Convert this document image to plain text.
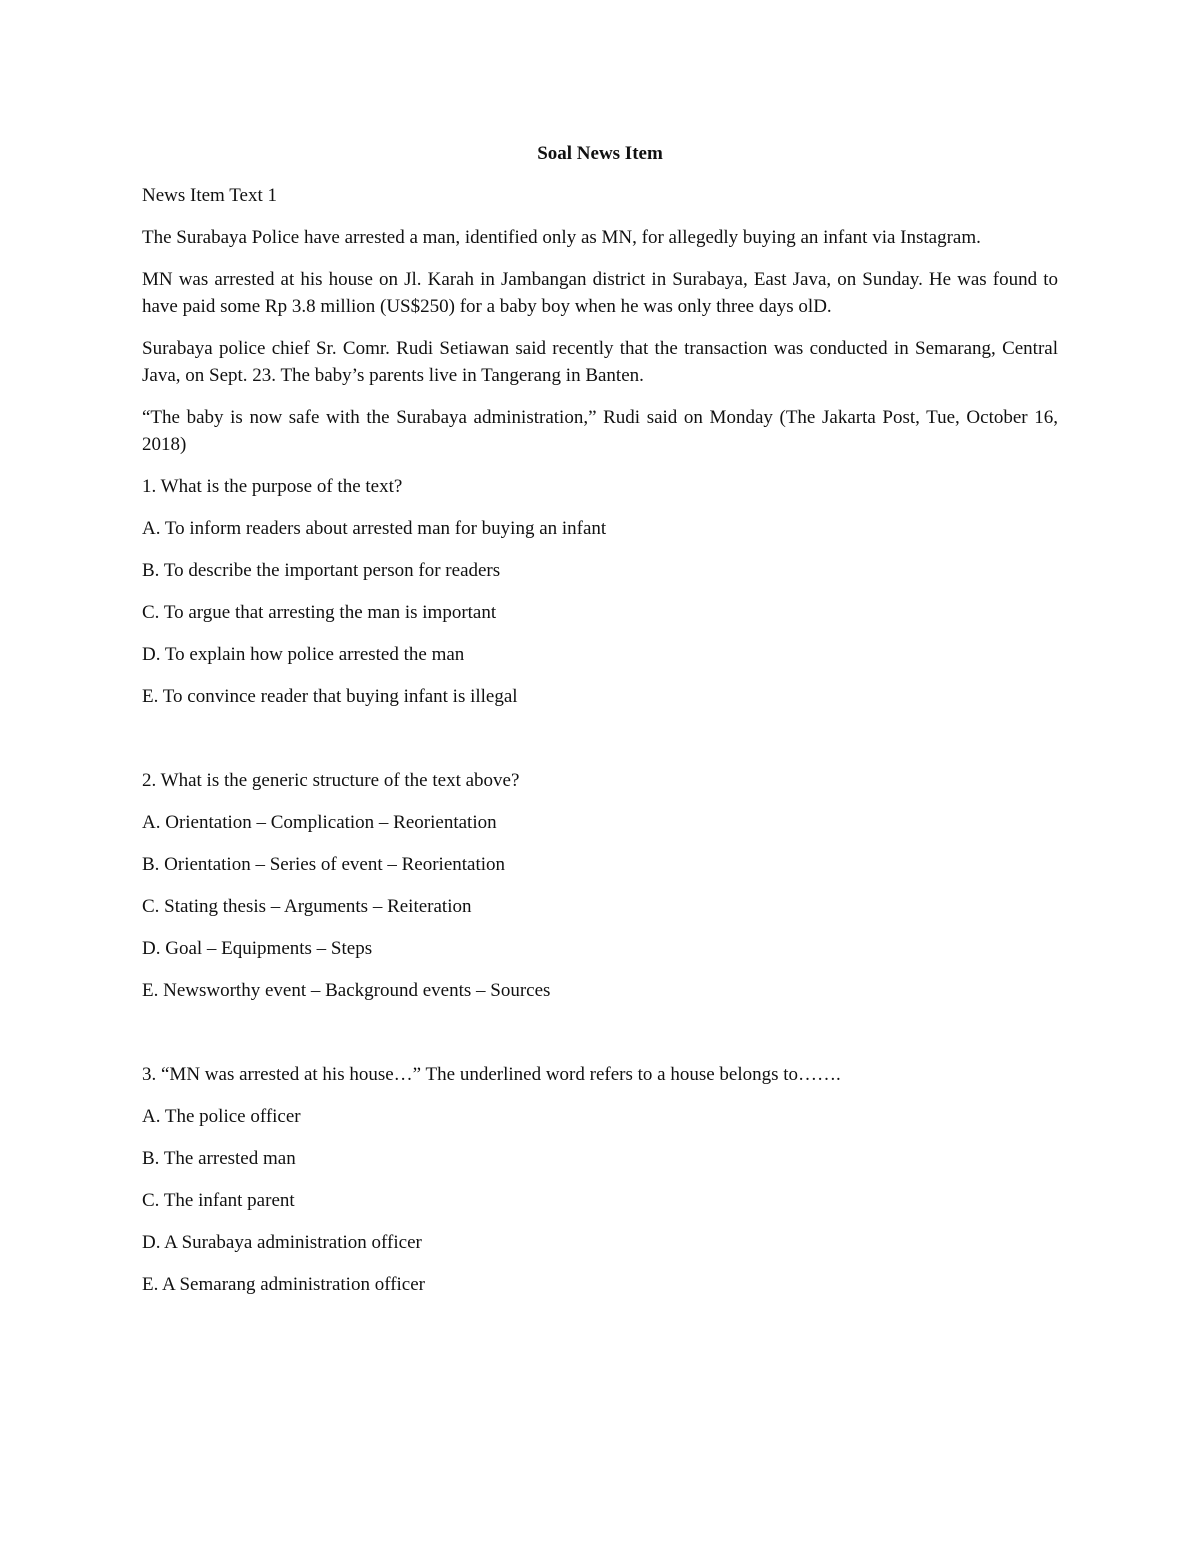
Soal News Item
News Item Text 1
The Surabaya Police have arrested a man, identified only as MN, for allegedly buying an infant via Instagram.
MN was arrested at his house on Jl. Karah in Jambangan district in Surabaya, East Java, on Sunday. He was found to have paid some Rp 3.8 million (US$250) for a baby boy when he was only three days olD.
Surabaya police chief Sr. Comr. Rudi Setiawan said recently that the transaction was conducted in Semarang, Central Java, on Sept. 23. The baby’s parents live in Tangerang in Banten.
“The baby is now safe with the Surabaya administration,” Rudi said on Monday (The Jakarta Post, Tue, October 16, 2018)
1. What is the purpose of the text?
A. To inform readers about arrested man for buying an infant
B. To describe the important person for readers
C. To argue that arresting the man is important
D. To explain how police arrested the man
E. To convince reader that buying infant is illegal
2. What is the generic structure of the text above?
A. Orientation – Complication – Reorientation
B. Orientation – Series of event – Reorientation
C. Stating thesis – Arguments – Reiteration
D. Goal – Equipments – Steps
E. Newsworthy event – Background events – Sources
3. “MN was arrested at his house…” The underlined word refers to a house belongs to…….
A. The police officer
B. The arrested man
C. The infant parent
D. A Surabaya administration officer
E. A Semarang administration officer
